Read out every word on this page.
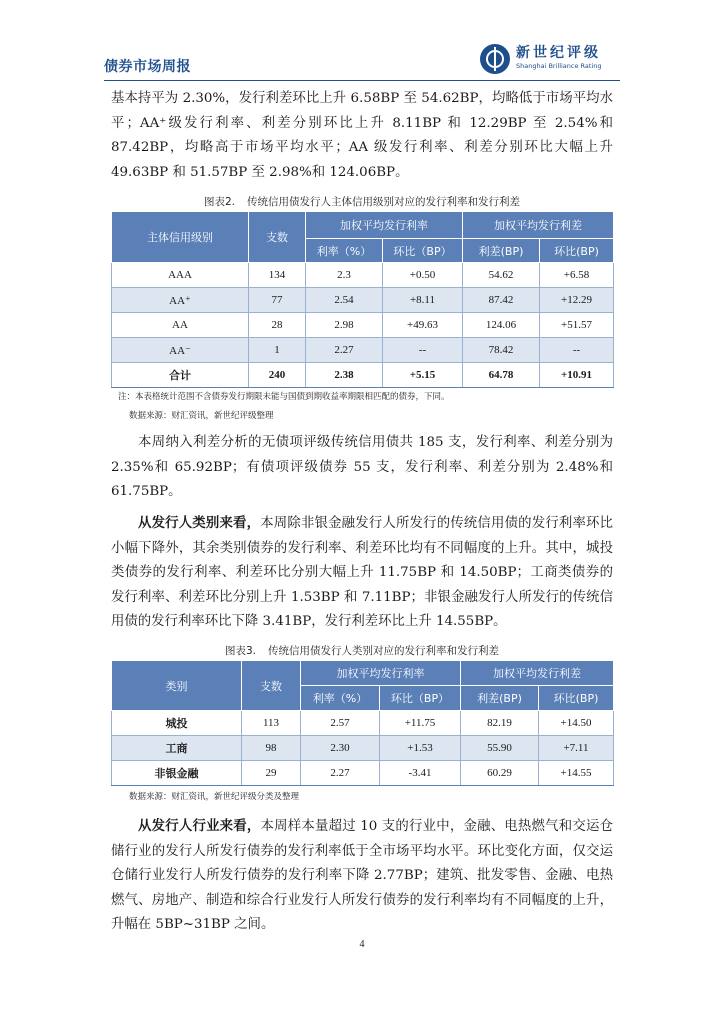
债券市场周报
新世纪评级
Shanghai Brilliance Rating

基本持平为 2.30%，发行利差环比上升 6.58BP 至 54.62BP，均略低于市场平均水平；AA⁺级发行利率、利差分别环比上升 8.11BP 和 12.29BP 至 2.54%和 87.42BP，均略高于市场平均水平；AA 级发行利率、利差分别环比大幅上升 49.63BP 和 51.57BP 至 2.98%和 124.06BP。

图表2. 传统信用债发行人主体信用级别对应的发行利率和发行利差
主体信用级别	支数	加权平均发行利率		加权平均发行利差	
		利率（%）	环比（BP）	利差(BP)	环比(BP)
AAA	134	2.3	+0.50	54.62	+6.58
AA⁺	77	2.54	+8.11	87.42	+12.29
AA	28	2.98	+49.63	124.06	+51.57
AA⁻	1	2.27	--	78.42	--
合计	240	2.38	+5.15	64.78	+10.91
注：本表格统计范围不含债券发行期限未能与国债到期收益率期限相匹配的债券，下同。
数据来源：财汇资讯，新世纪评级整理

本周纳入利差分析的无债项评级传统信用债共 185 支，发行利率、利差分别为 2.35%和 65.92BP；有债项评级债券 55 支，发行利率、利差分别为 2.48%和 61.75BP。

从发行人类别来看，本周除非银金融发行人所发行的传统信用债的发行利率环比小幅下降外，其余类别债券的发行利率、利差环比均有不同幅度的上升。其中，城投类债券的发行利率、利差环比分别大幅上升 11.75BP 和 14.50BP；工商类债券的发行利率、利差环比分别上升 1.53BP 和 7.11BP；非银金融发行人所发行的传统信用债的发行利率环比下降 3.41BP，发行利差环比上升 14.55BP。

图表3. 传统信用债发行人类别对应的发行利率和发行利差
类别	支数	加权平均发行利率		加权平均发行利差	
		利率（%）	环比（BP）	利差(BP)	环比(BP)
城投	113	2.57	+11.75	82.19	+14.50
工商	98	2.30	+1.53	55.90	+7.11
非银金融	29	2.27	-3.41	60.29	+14.55
数据来源：财汇资讯，新世纪评级分类及整理

从发行人行业来看，本周样本量超过 10 支的行业中，金融、电热燃气和交运仓储行业的发行人所发行债券的发行利率低于全市场平均水平。环比变化方面，仅交运仓储行业发行人所发行债券的发行利率下降 2.77BP；建筑、批发零售、金融、电热燃气、房地产、制造和综合行业发行人所发行债券的发行利率均有不同幅度的上升，升幅在 5BP~31BP 之间。

4
